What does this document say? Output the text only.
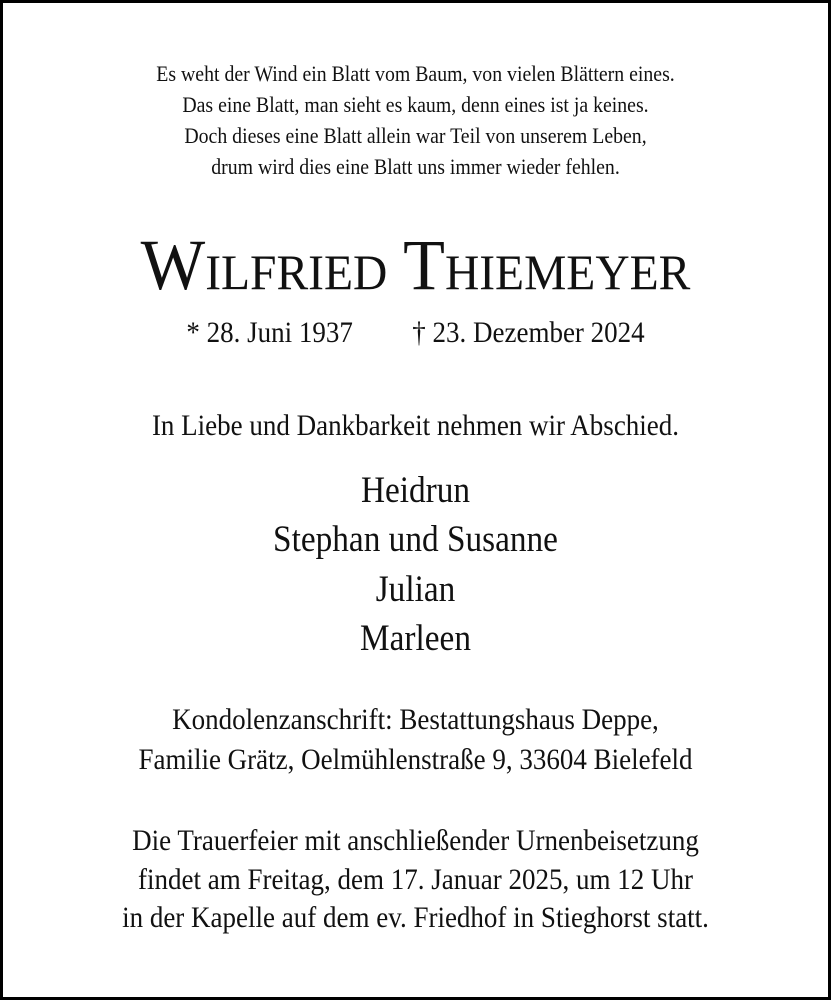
Es weht der Wind ein Blatt vom Baum, von vielen Blättern eines.
Das eine Blatt, man sieht es kaum, denn eines ist ja keines.
Doch dieses eine Blatt allein war Teil von unserem Leben,
drum wird dies eine Blatt uns immer wieder fehlen.
Wilfried Thiemeyer
* 28. Juni 1937 † 23. Dezember 2024
In Liebe und Dankbarkeit nehmen wir Abschied.
Heidrun
Stephan und Susanne
Julian
Marleen
Kondolenzanschrift: Bestattungshaus Deppe,
Familie Grätz, Oelmühlenstraße 9, 33604 Bielefeld
Die Trauerfeier mit anschließender Urnenbeisetzung
findet am Freitag, dem 17. Januar 2025, um 12 Uhr
in der Kapelle auf dem ev. Friedhof in Stieghorst statt.
